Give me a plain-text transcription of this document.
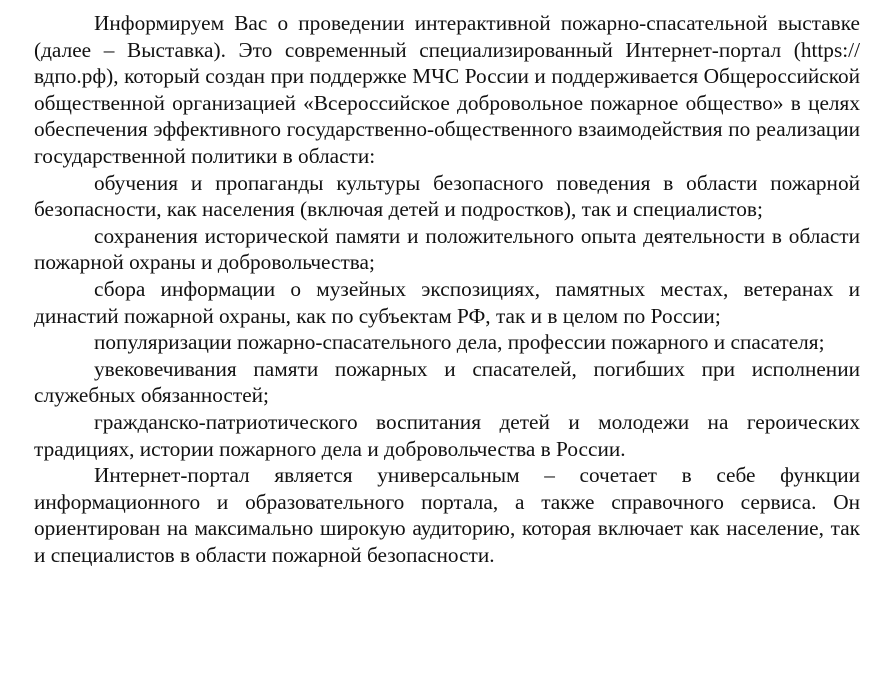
Информируем Вас о проведении интерактивной пожарно-спасательной выставке (далее – Выставка). Это современный специализированный Интернет-портал (https://вдпо.рф), который создан при поддержке МЧС России и поддерживается Общероссийской общественной организацией «Всероссийское добровольное пожарное общество» в целях обеспечения эффективного государственно-общественного взаимодействия по реализации государственной политики в области:

обучения и пропаганды культуры безопасного поведения в области пожарной безопасности, как населения (включая детей и подростков), так и специалистов;

сохранения исторической памяти и положительного опыта деятельности в области пожарной охраны и добровольчества;

сбора информации о музейных экспозициях, памятных местах, ветеранах и династий пожарной охраны, как по субъектам РФ, так и в целом по России;

популяризации пожарно-спасательного дела, профессии пожарного и спасателя;

увековечивания памяти пожарных и спасателей, погибших при исполнении служебных обязанностей;

гражданско-патриотического воспитания детей и молодежи на героических традициях, истории пожарного дела и добровольчества в России.

Интернет-портал является универсальным – сочетает в себе функции информационного и образовательного портала, а также справочного сервиса. Он ориентирован на максимально широкую аудиторию, которая включает как население, так и специалистов в области пожарной безопасности.
